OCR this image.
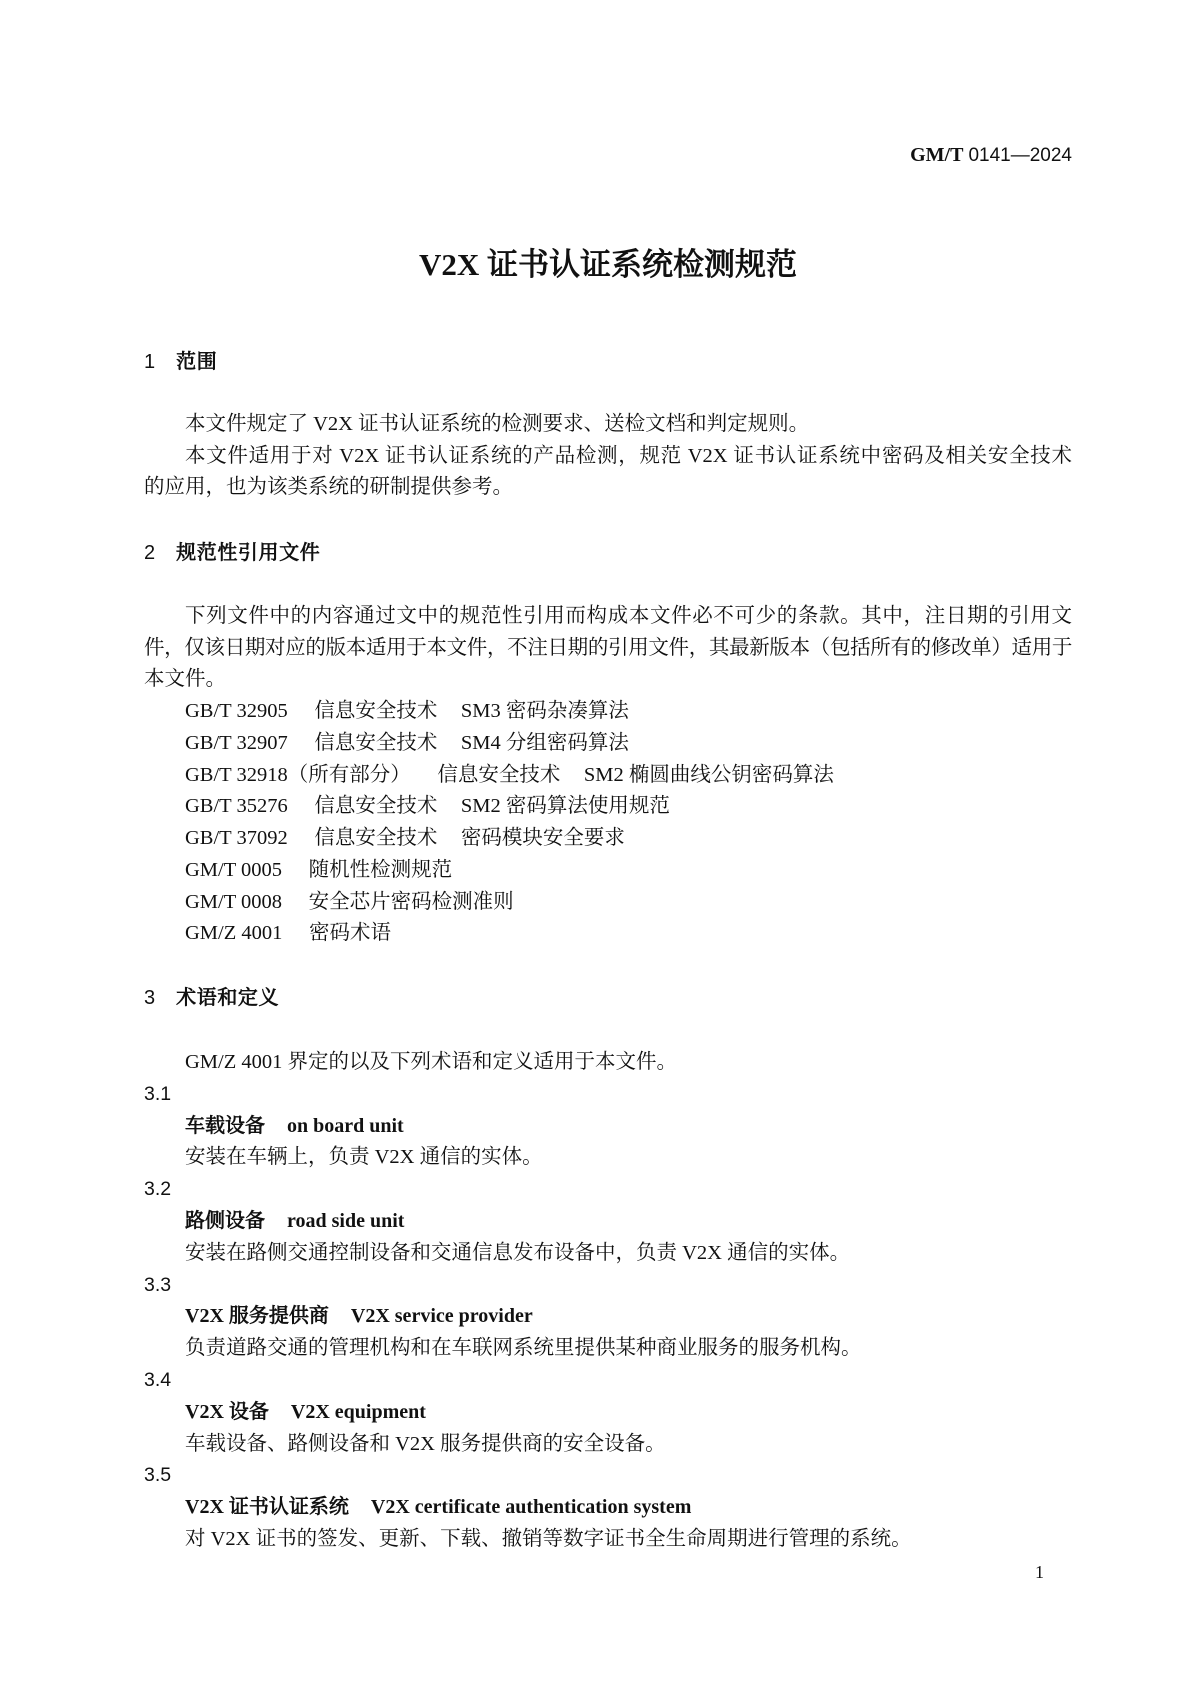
GM/T 0141—2024
V2X 证书认证系统检测规范
1 范围
本文件规定了 V2X 证书认证系统的检测要求、送检文档和判定规则。
本文件适用于对 V2X 证书认证系统的产品检测，规范 V2X 证书认证系统中密码及相关安全技术
的应用，也为该类系统的研制提供参考。
2 规范性引用文件
下列文件中的内容通过文中的规范性引用而构成本文件必不可少的条款。其中，注日期的引用文
件，仅该日期对应的版本适用于本文件，不注日期的引用文件，其最新版本（包括所有的修改单）适用于
本文件。
GB/T 32905 信息安全技术 SM3 密码杂凑算法
GB/T 32907 信息安全技术 SM4 分组密码算法
GB/T 32918（所有部分） 信息安全技术 SM2 椭圆曲线公钥密码算法
GB/T 35276 信息安全技术 SM2 密码算法使用规范
GB/T 37092 信息安全技术 密码模块安全要求
GM/T 0005 随机性检测规范
GM/T 0008 安全芯片密码检测准则
GM/Z 4001 密码术语
3 术语和定义
GM/Z 4001 界定的以及下列术语和定义适用于本文件。
3.1
车载设备 on board unit
安装在车辆上，负责 V2X 通信的实体。
3.2
路侧设备 road side unit
安装在路侧交通控制设备和交通信息发布设备中，负责 V2X 通信的实体。
3.3
V2X 服务提供商 V2X service provider
负责道路交通的管理机构和在车联网系统里提供某种商业服务的服务机构。
3.4
V2X 设备 V2X equipment
车载设备、路侧设备和 V2X 服务提供商的安全设备。
3.5
V2X 证书认证系统 V2X certificate authentication system
对 V2X 证书的签发、更新、下载、撤销等数字证书全生命周期进行管理的系统。
1
